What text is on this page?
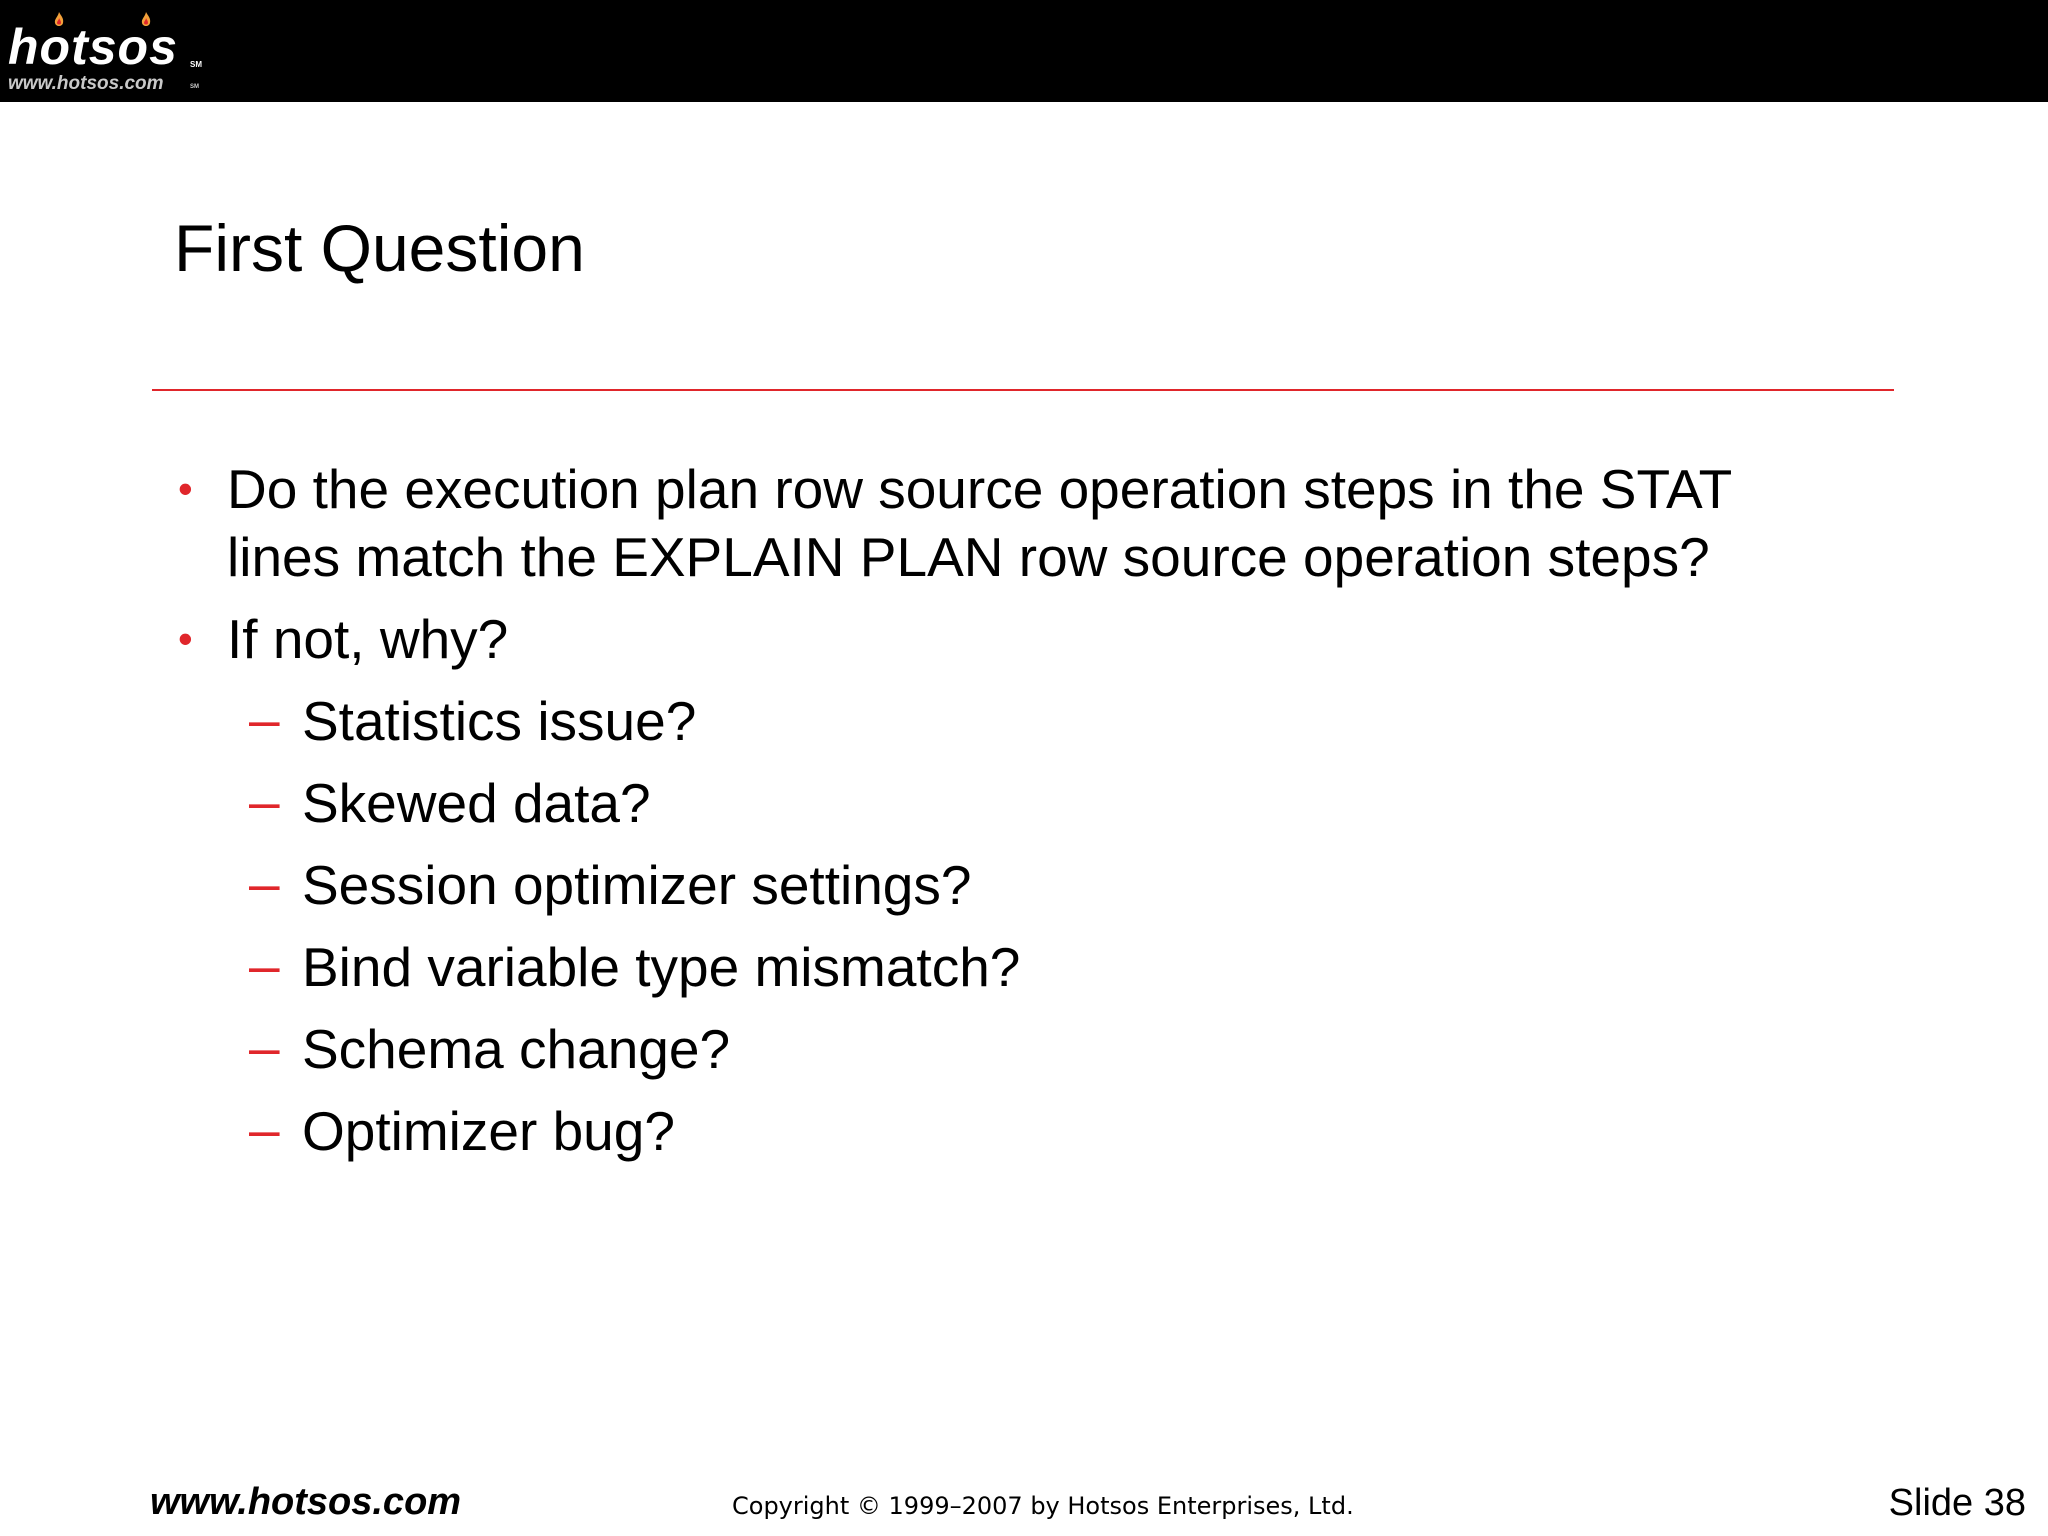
hotsos SM
www.hotsos.com	SM
First Question
• Do the execution plan row source operation steps in the STAT lines match the EXPLAIN PLAN row source operation steps?
• If not, why?
– Statistics issue?
– Skewed data?
– Session optimizer settings?
– Bind variable type mismatch?
– Schema change?
– Optimizer bug?
www.hotsos.com	Copyright © 1999–2007 by Hotsos Enterprises, Ltd.	Slide 38
